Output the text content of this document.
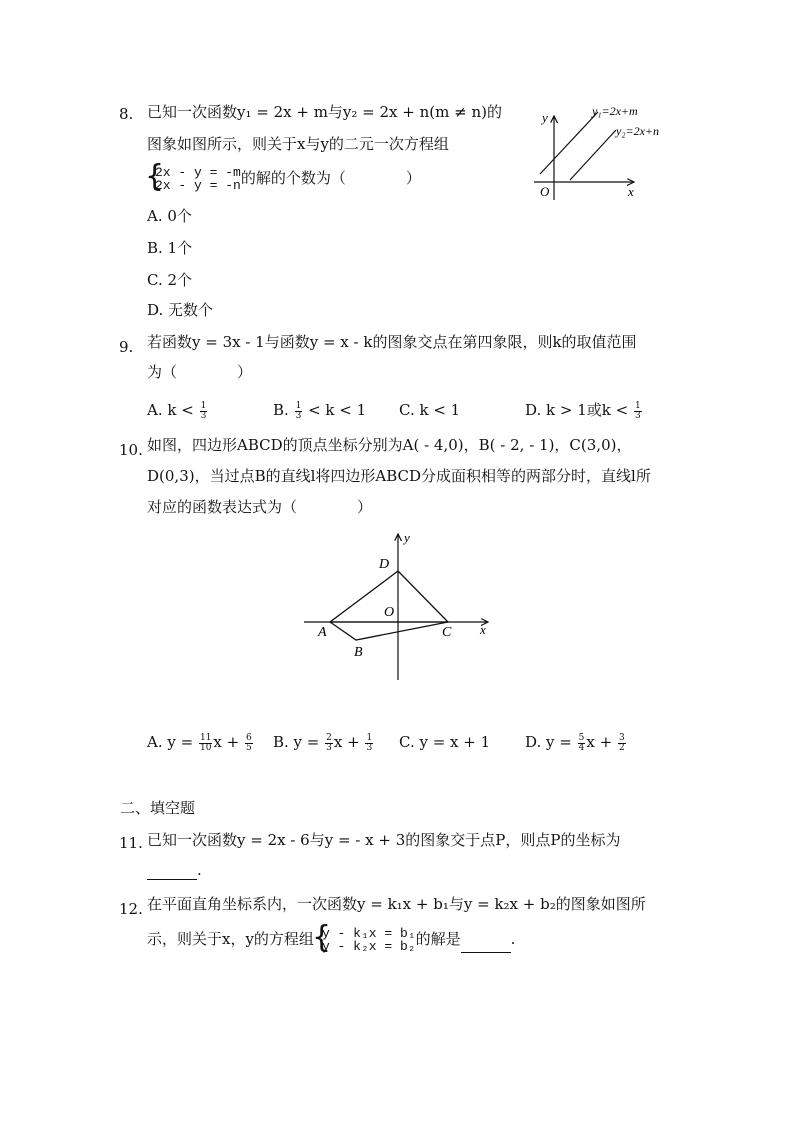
8. 已知一次函数y₁ = 2x + m与y₂ = 2x + n(m ≠ n)的
图象如图所示，则关于x与y的二元一次方程组
{ 2x - y = -m
2x - y = -n 的解的个数为（　　　　）
A. 0个
B. 1个
C. 2个
D. 无数个
y
x
O
y₁=2x+m
y₂=2x+n
9. 若函数y = 3x - 1与函数y = x - k的图象交点在第四象限，则k的取值范围
为（　　　　）
A. $k < \frac{1}{3}$	B. $\frac{1}{3} < k < 1$ C. k < 1	D. k > 1或$k < \frac{1}{3}$
10. 如图，四边形ABCD的顶点坐标分别为A( - 4,0)，B( - 2, - 1)，C(3,0)，
D(0,3)，当过点B的直线l将四边形ABCD分成面积相等的两部分时，直线l所
对应的函数表达式为（　　　　）
y
x
O
A
B
C
D
A. $y = \frac{11}{10}$ $x + \frac{6}{5} B$. $y = \frac{2}{3}$ $x + \frac{1}{3} C$. y = x + 1 D. $y = \frac{5}{4}$ $x + \frac{3}{2}$
二、填空题
11. 已知一次函数y = 2x - 6与y = - x + 3的图象交于点P，则点P的坐标为
.
12. 在平面直角坐标系内，一次函数y = k₁x + b₁与y = k₂x + b₂的图象如图所
示，则关于x，y的方程组
{ y - k₁x = b₁
y - k₂x = b₂ 的解是	.
